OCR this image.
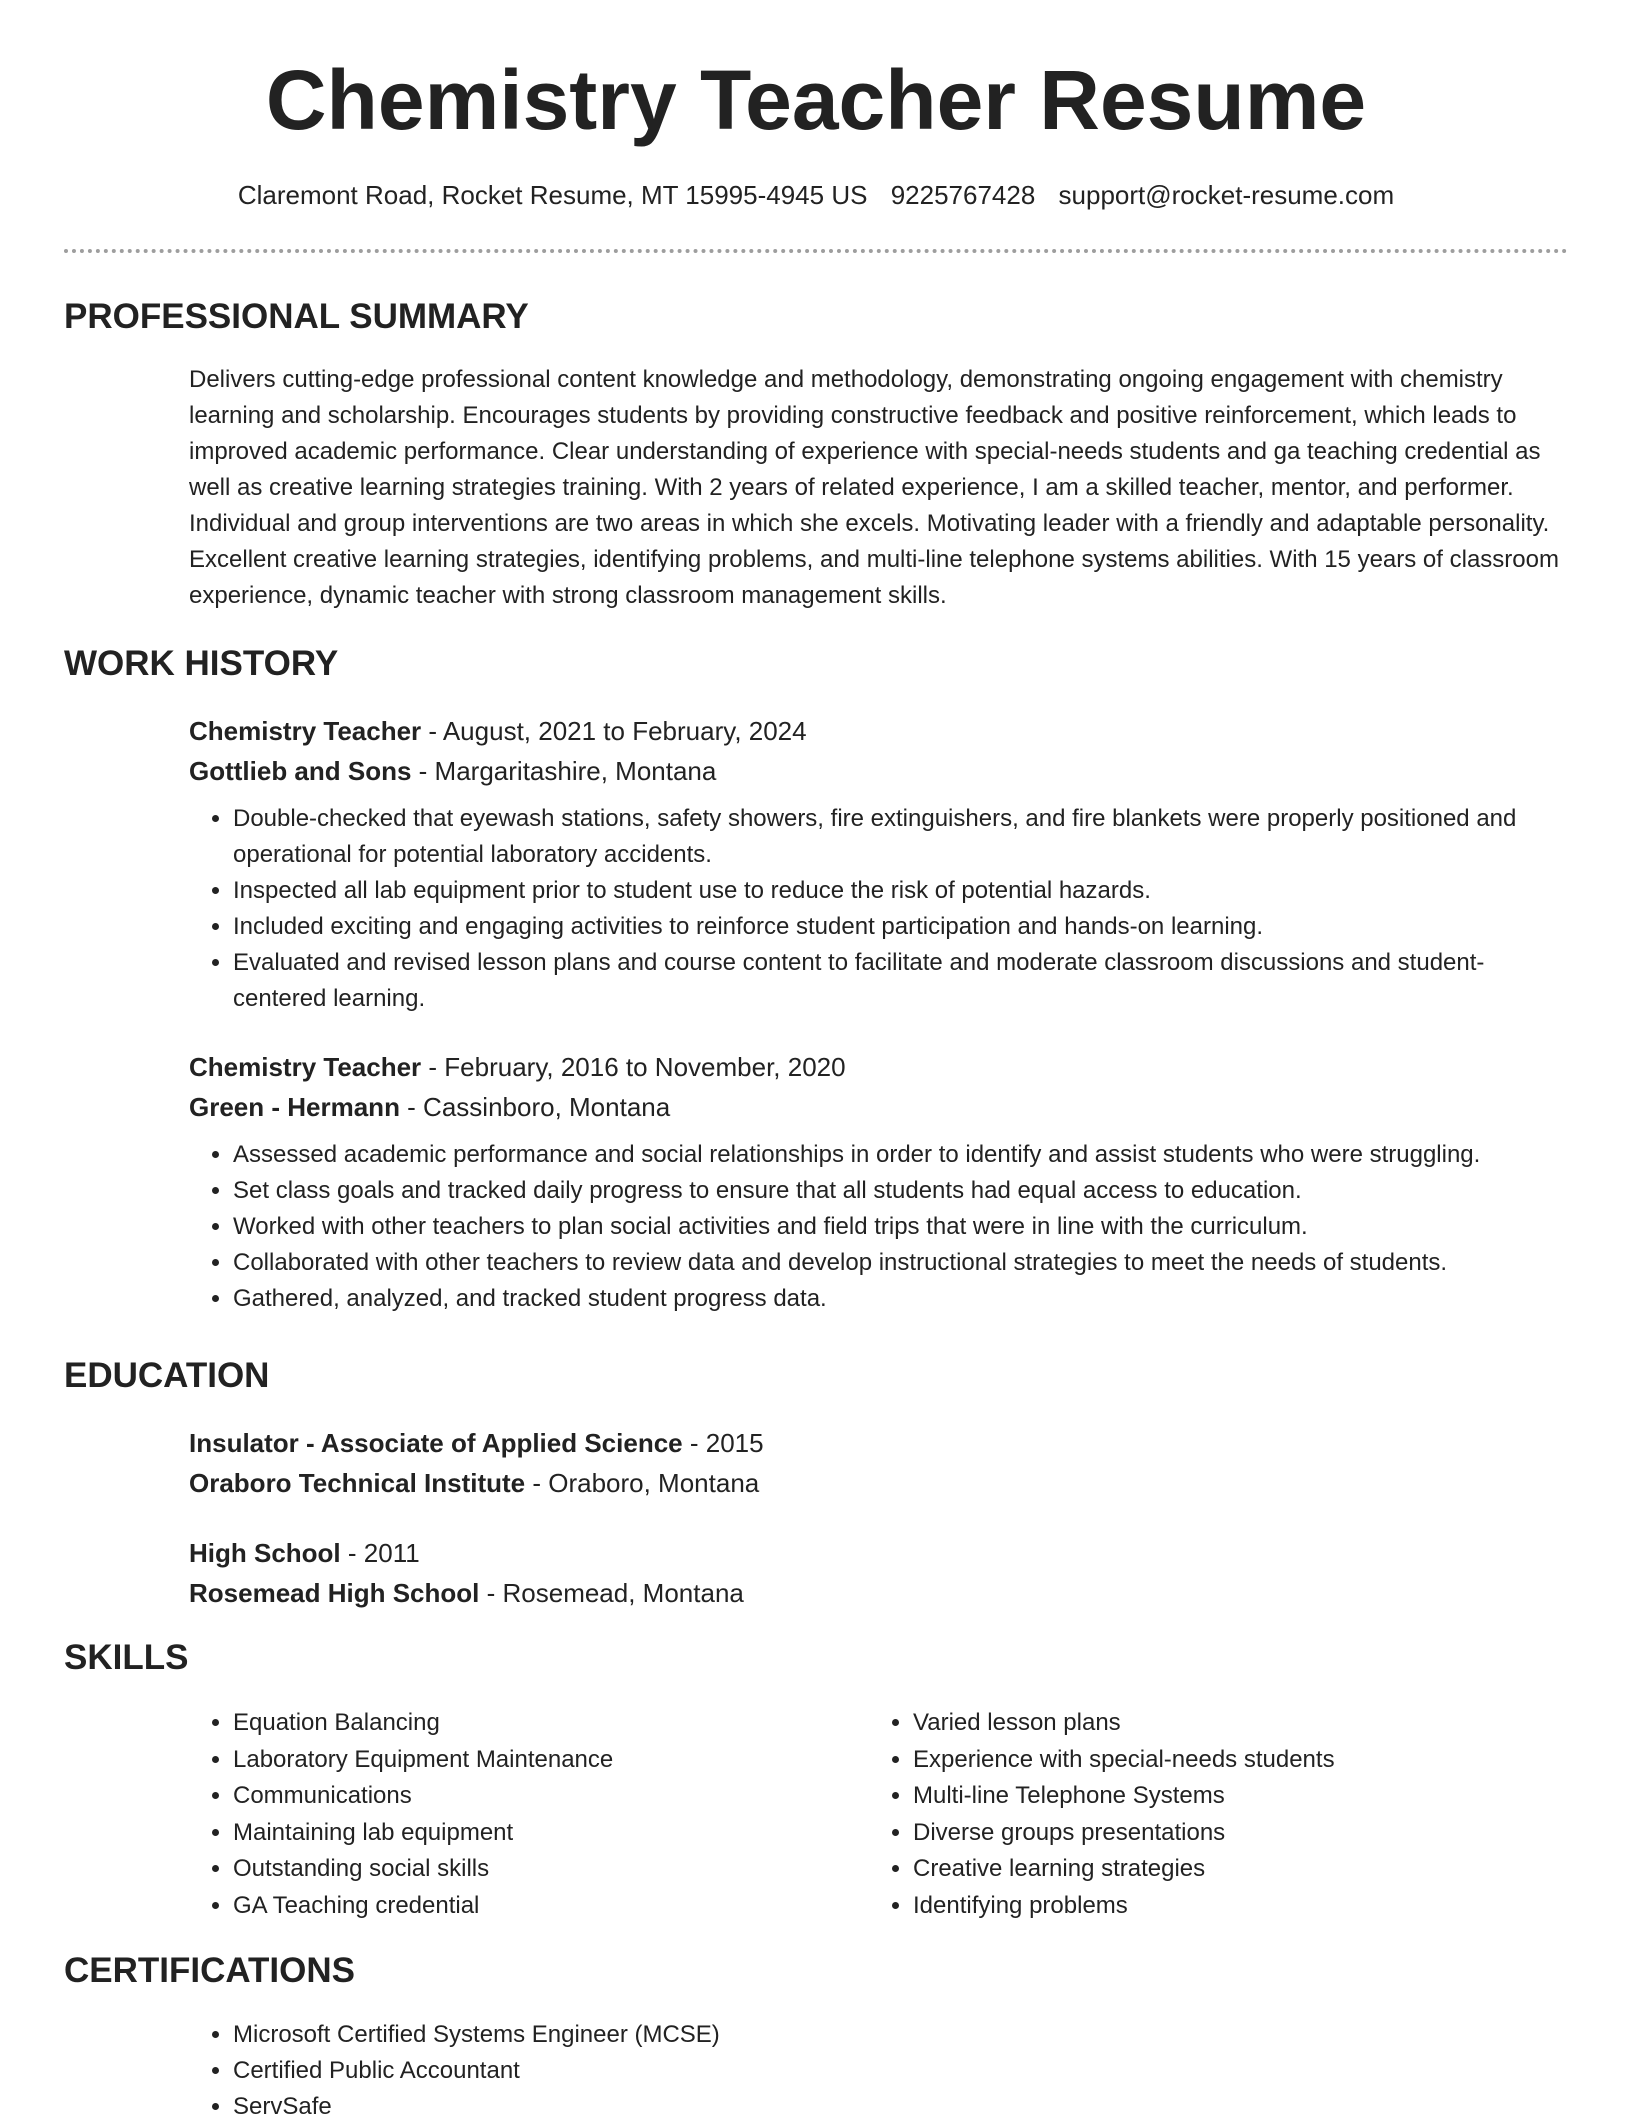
Chemistry Teacher Resume
Claremont Road, Rocket Resume, MT 15995-4945 US 9225767428 support@rocket-resume.com
PROFESSIONAL SUMMARY

Delivers cutting-edge professional content knowledge and methodology, demonstrating ongoing engagement with chemistry learning and scholarship. Encourages students by providing constructive feedback and positive reinforcement, which leads to improved academic performance. Clear understanding of experience with special-needs students and ga teaching credential as well as creative learning strategies training. With 2 years of related experience, I am a skilled teacher, mentor, and performer. Individual and group interventions are two areas in which she excels. Motivating leader with a friendly and adaptable personality. Excellent creative learning strategies, identifying problems, and multi-line telephone systems abilities. With 15 years of classroom experience, dynamic teacher with strong classroom management skills.

WORK HISTORY
Chemistry Teacher - August, 2021 to February, 2024
Gottlieb and Sons - Margaritashire, Montana
• Double-checked that eyewash stations, safety showers, fire extinguishers, and fire blankets were properly positioned and operational for potential laboratory accidents.
• Inspected all lab equipment prior to student use to reduce the risk of potential hazards.
• Included exciting and engaging activities to reinforce student participation and hands-on learning.
• Evaluated and revised lesson plans and course content to facilitate and moderate classroom discussions and student-centered learning.
Chemistry Teacher - February, 2016 to November, 2020
Green - Hermann - Cassinboro, Montana
• Assessed academic performance and social relationships in order to identify and assist students who were struggling.
• Set class goals and tracked daily progress to ensure that all students had equal access to education.
• Worked with other teachers to plan social activities and field trips that were in line with the curriculum.
• Collaborated with other teachers to review data and develop instructional strategies to meet the needs of students.
• Gathered, analyzed, and tracked student progress data.
EDUCATION
Insulator - Associate of Applied Science - 2015
Oraboro Technical Institute - Oraboro, Montana
High School - 2011
Rosemead High School - Rosemead, Montana
SKILLS
• Equation Balancing
• Laboratory Equipment Maintenance
• Communications
• Maintaining lab equipment
• Outstanding social skills
• GA Teaching credential
• Varied lesson plans
• Experience with special-needs students
• Multi-line Telephone Systems
• Diverse groups presentations
• Creative learning strategies
• Identifying problems
CERTIFICATIONS
• Microsoft Certified Systems Engineer (MCSE)
• Certified Public Accountant
• ServSafe
